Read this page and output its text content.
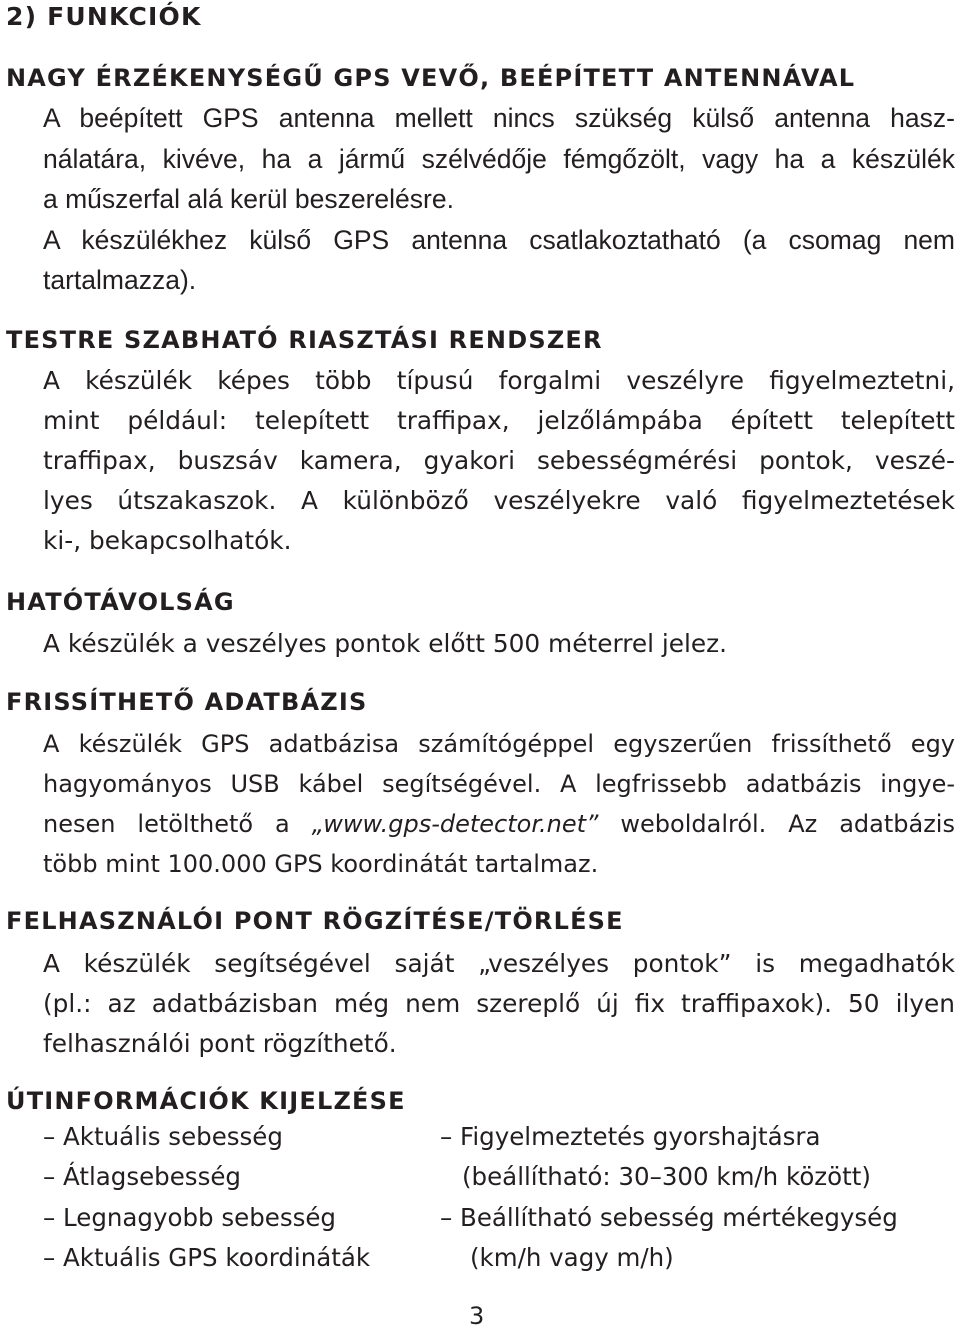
2) FUNKCIÓK
NAGY ÉRZÉKENYSÉGŰ GPS VEVŐ, BEÉPÍTETT ANTENNÁVAL
A beépített GPS antenna mellett nincs szükség külső antenna hasz-
nálatára, kivéve, ha a jármű szélvédője fémgőzölt, vagy ha a készülék
a műszerfal alá kerül beszerelésre.
A készülékhez külső GPS antenna csatlakoztatható (a csomag nem
tartalmazza).
TESTRE SZABHATÓ RIASZTÁSI RENDSZER
A készülék képes több típusú forgalmi veszélyre figyelmeztetni,
mint például: telepített traffipax, jelzőlámpába épített telepített
traffipax, buszsáv kamera, gyakori sebességmérési pontok, veszé-
lyes útszakaszok. A különböző veszélyekre való figyelmeztetések
ki-, bekapcsolhatók.
HATÓTÁVOLSÁG
A készülék a veszélyes pontok előtt 500 méterrel jelez.
FRISSÍTHETŐ ADATBÁZIS
A készülék GPS adatbázisa számítógéppel egyszerűen frissíthető egy
hagyományos USB kábel segítségével. A legfrissebb adatbázis ingye-
nesen letölthető a „www.gps-detector.net” weboldalról. Az adatbázis
több mint 100.000 GPS koordinátát tartalmaz.
FELHASZNÁLÓI PONT RÖGZÍTÉSE/TÖRLÉSE
A készülék segítségével saját „veszélyes pontok” is megadhatók
(pl.: az adatbázisban még nem szereplő új fix traffipaxok). 50 ilyen
felhasználói pont rögzíthető.
ÚTINFORMÁCIÓK KIJELZÉSE

– Aktuális sebesség

– Átlagsebesség

– Legnagyobb sebesség

– Aktuális GPS koordináták

– Figyelmeztetés gyorshajtásra

(beállítható: 30–300 km/h között)

– Beállítható sebesség mértékegység

(km/h vagy m/h)

3
